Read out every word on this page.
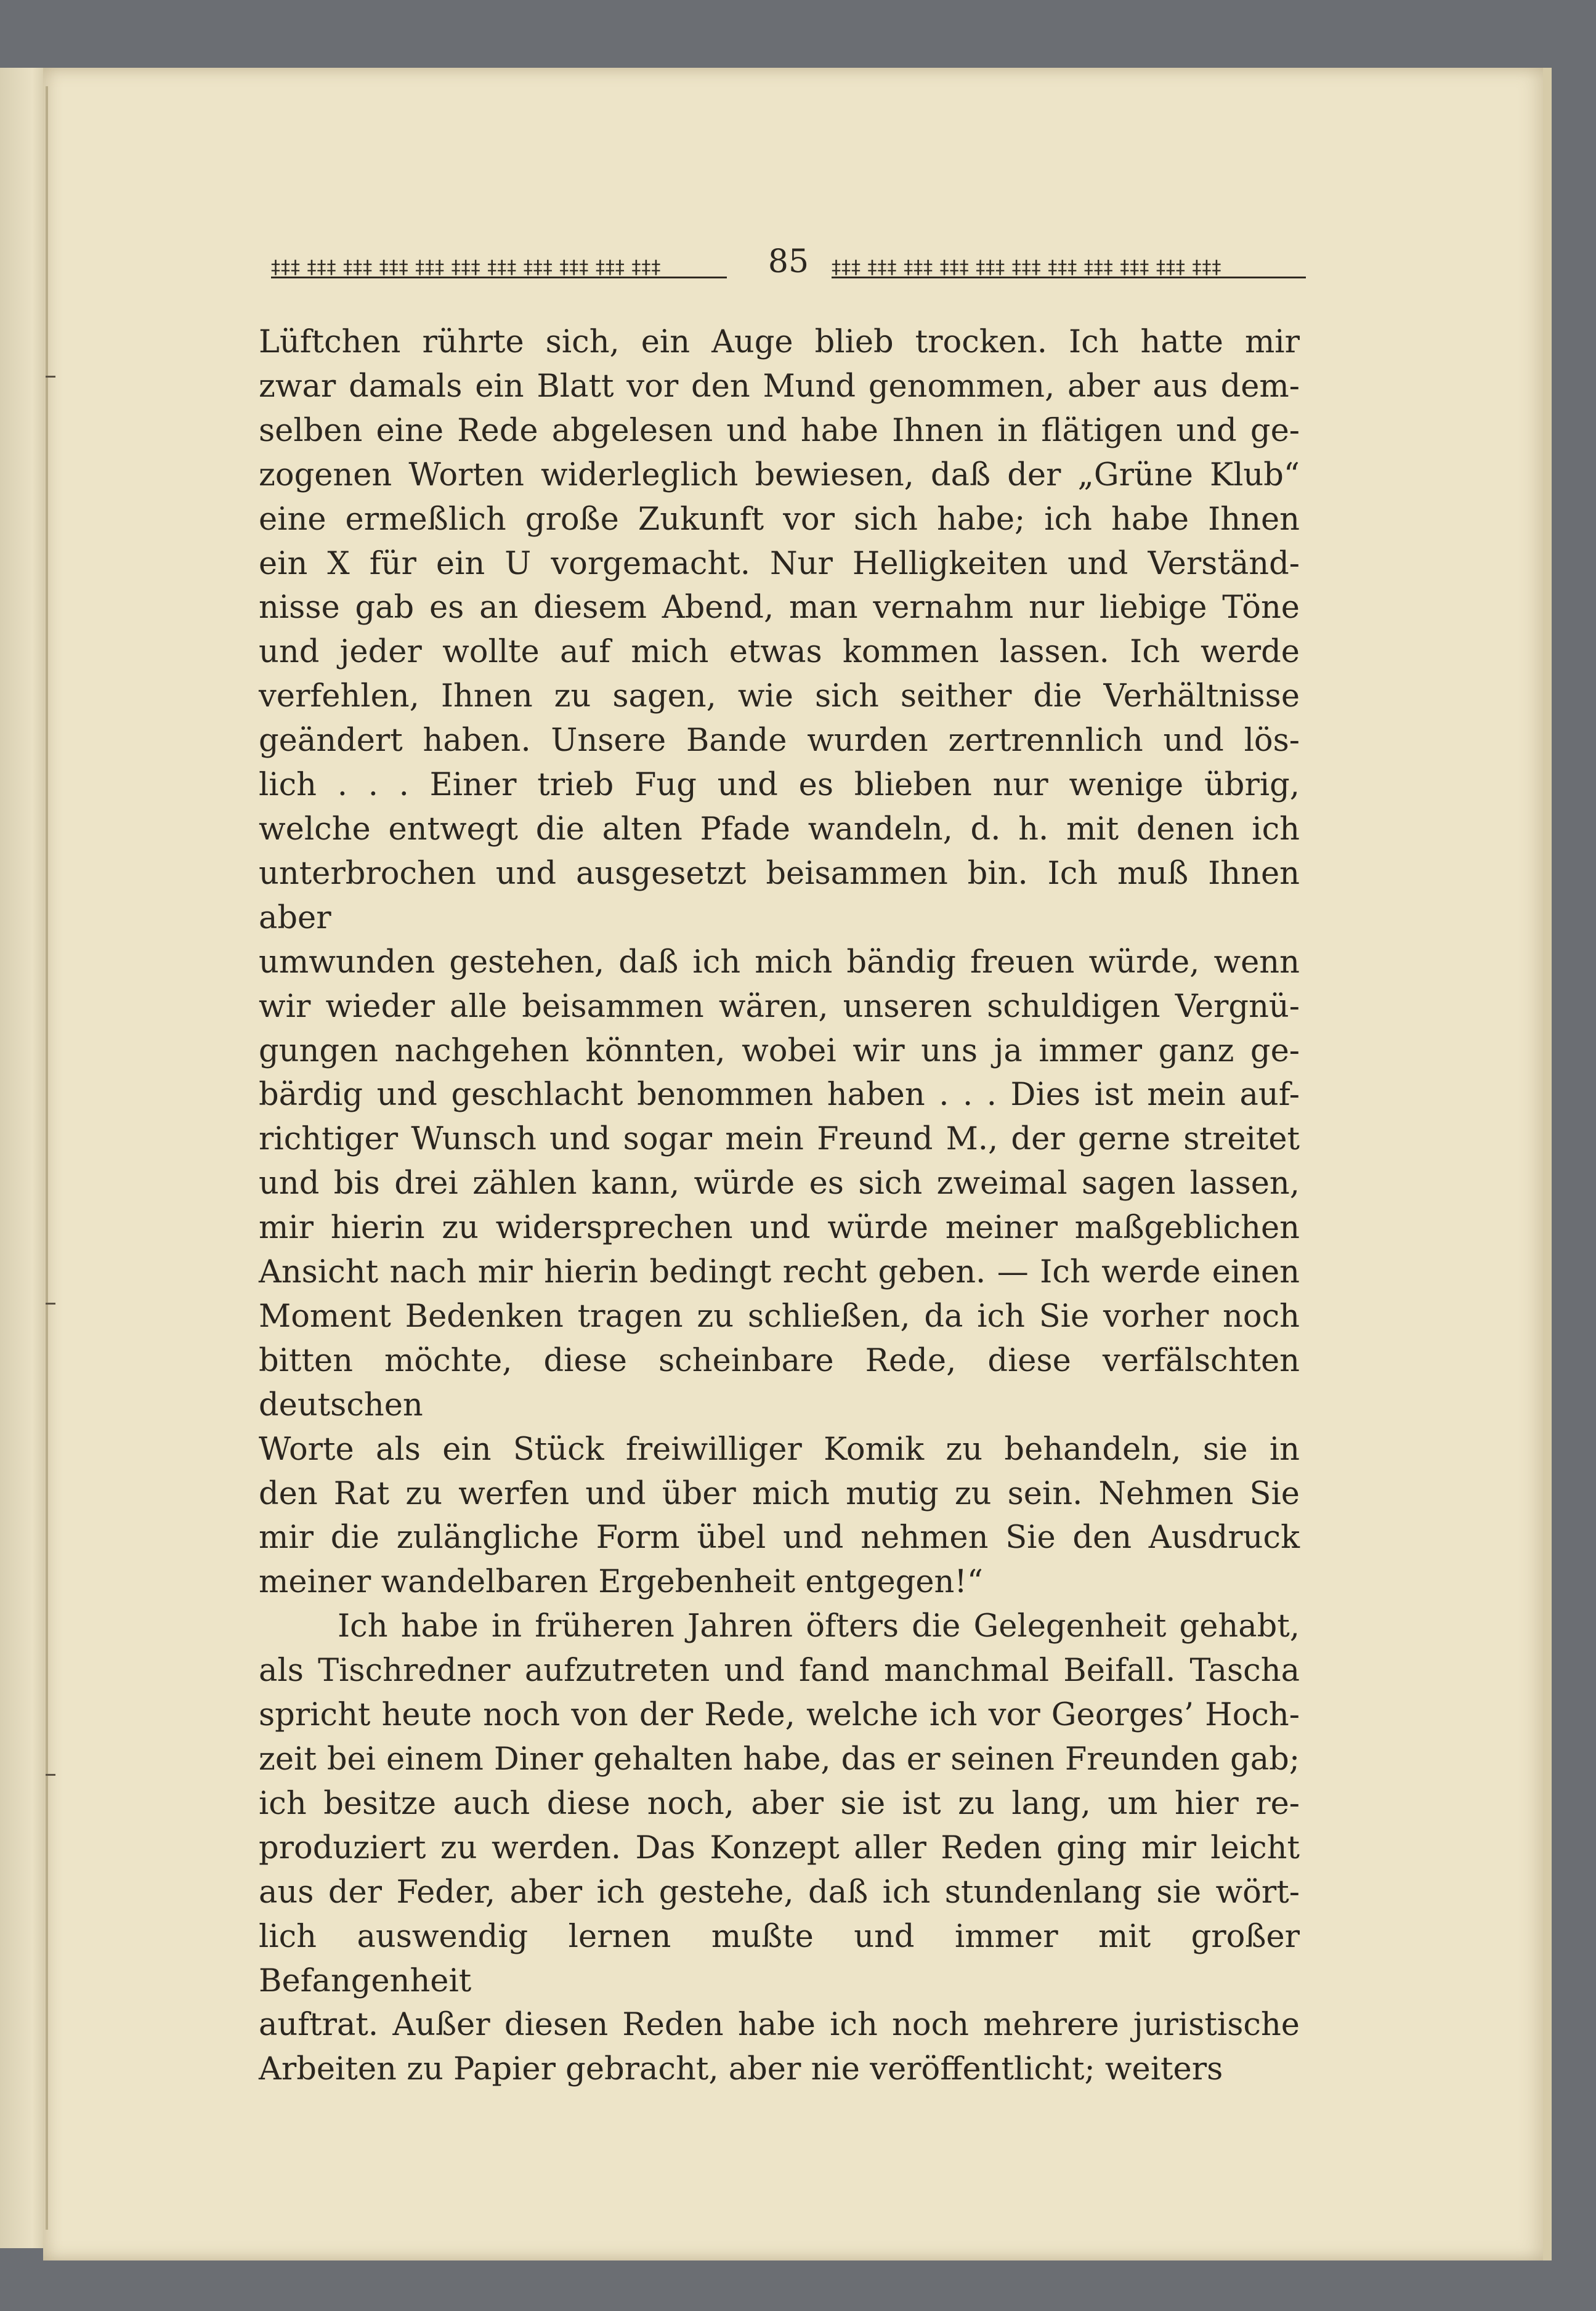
‡‡‡ ‡‡‡ ‡‡‡ ‡‡‡ ‡‡‡ ‡‡‡ ‡‡‡ ‡‡‡ ‡‡‡ ‡‡‡ ‡‡‡	85	‡‡‡ ‡‡‡ ‡‡‡ ‡‡‡ ‡‡‡ ‡‡‡ ‡‡‡ ‡‡‡ ‡‡‡ ‡‡‡ ‡‡‡

Lüftchen rührte sich, ein Auge blieb trocken. Ich hatte mir

zwar damals ein Blatt vor den Mund genommen, aber aus dem-

selben eine Rede abgelesen und habe Ihnen in flätigen und ge-

zogenen Worten widerleglich bewiesen, daß der „Grüne Klub“

eine ermeßlich große Zukunft vor sich habe; ich habe Ihnen

ein X für ein U vorgemacht. Nur Helligkeiten und Verständ-

nisse gab es an diesem Abend, man vernahm nur liebige Töne

und jeder wollte auf mich etwas kommen lassen. Ich werde

verfehlen, Ihnen zu sagen, wie sich seither die Verhältnisse

geändert haben. Unsere Bande wurden zertrennlich und lös-

lich . . . Einer trieb Fug und es blieben nur wenige übrig,

welche entwegt die alten Pfade wandeln, d. h. mit denen ich

unterbrochen und ausgesetzt beisammen bin. Ich muß Ihnen aber

umwunden gestehen, daß ich mich bändig freuen würde, wenn

wir wieder alle beisammen wären, unseren schuldigen Vergnü-

gungen nachgehen könnten, wobei wir uns ja immer ganz ge-

bärdig und geschlacht benommen haben . . . Dies ist mein auf-

richtiger Wunsch und sogar mein Freund M., der gerne streitet

und bis drei zählen kann, würde es sich zweimal sagen lassen,

mir hierin zu widersprechen und würde meiner maßgeblichen

Ansicht nach mir hierin bedingt recht geben. — Ich werde einen

Moment Bedenken tragen zu schließen, da ich Sie vorher noch

bitten möchte, diese scheinbare Rede, diese verfälschten deutschen

Worte als ein Stück freiwilliger Komik zu behandeln, sie in

den Rat zu werfen und über mich mutig zu sein. Nehmen Sie

mir die zulängliche Form übel und nehmen Sie den Ausdruck

meiner wandelbaren Ergebenheit entgegen!“

Ich habe in früheren Jahren öfters die Gelegenheit gehabt,

als Tischredner aufzutreten und fand manchmal Beifall. Tascha

spricht heute noch von der Rede, welche ich vor Georges’ Hoch-

zeit bei einem Diner gehalten habe, das er seinen Freunden gab;

ich besitze auch diese noch, aber sie ist zu lang, um hier re-

produziert zu werden. Das Konzept aller Reden ging mir leicht

aus der Feder, aber ich gestehe, daß ich stundenlang sie wört-

lich auswendig lernen mußte und immer mit großer Befangenheit

auftrat. Außer diesen Reden habe ich noch mehrere juristische

Arbeiten zu Papier gebracht, aber nie veröffentlicht; weiters
